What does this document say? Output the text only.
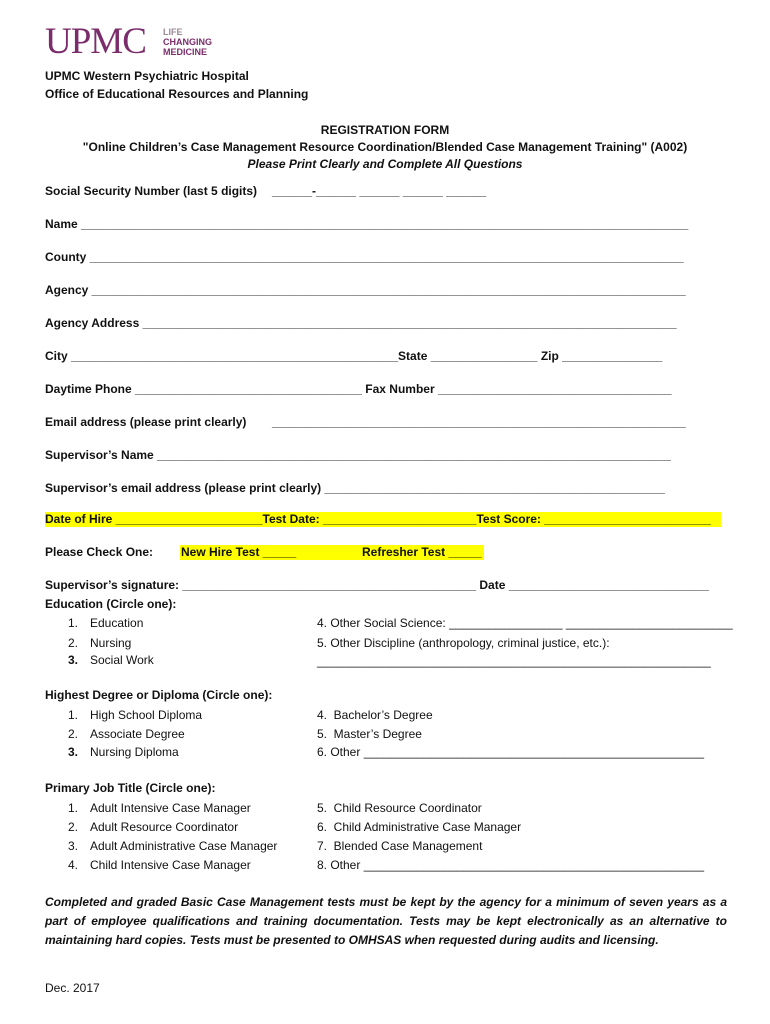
UPMC LIFE
CHANGING
MEDICINE
UPMC Western Psychiatric Hospital
Office of Educational Resources and Planning
REGISTRATION FORM
"Online Children’s Case Management Resource Coordination/Blended Case Management Training" (A002)
Please Print Clearly and Complete All Questions
Social Security Number (last 5 digits) ______-______ ______ ______ ______
Name ___________________________________________________________________________________________
County _________________________________________________________________________________________
Agency _________________________________________________________________________________________
Agency Address ________________________________________________________________________________
City _________________________________________________State ________________ Zip _______________
Daytime Phone __________________________________ Fax Number ___________________________________
Email address (please print clearly) ______________________________________________________________
Supervisor’s Name _____________________________________________________________________________
Supervisor’s email address (please print clearly) ___________________________________________________
Date of Hire ______________________Test Date: _______________________Test Score: _________________________
Please Check One: New Hire Test _____	Refresher Test _____
Supervisor’s signature: ____________________________________________ Date ______________________________
Education (Circle one):
1. Education
2. Nursing
3. Social Work
4. Other Social Science: _________________ _________________________
5. Other Discipline (anthropology, criminal justice, etc.):
___________________________________________________________
Highest Degree or Diploma (Circle one):
1. High School Diploma
2. Associate Degree
3. Nursing Diploma
4.  Bachelor’s Degree
5.  Master’s Degree
6. Other ___________________________________________________
Primary Job Title (Circle one):
1. Adult Intensive Case Manager
2. Adult Resource Coordinator
3. Adult Administrative Case Manager
4. Child Intensive Case Manager
5.  Child Resource Coordinator
6.  Child Administrative Case Manager
7.  Blended Case Management
8. Other ___________________________________________________
Completed and graded Basic Case Management tests must be kept by the agency for a minimum of seven years as a part of employee qualifications and training documentation. Tests may be kept electronically as an alternative to maintaining hard copies. Tests must be presented to OMHSAS when requested during audits and licensing.
Dec. 2017
